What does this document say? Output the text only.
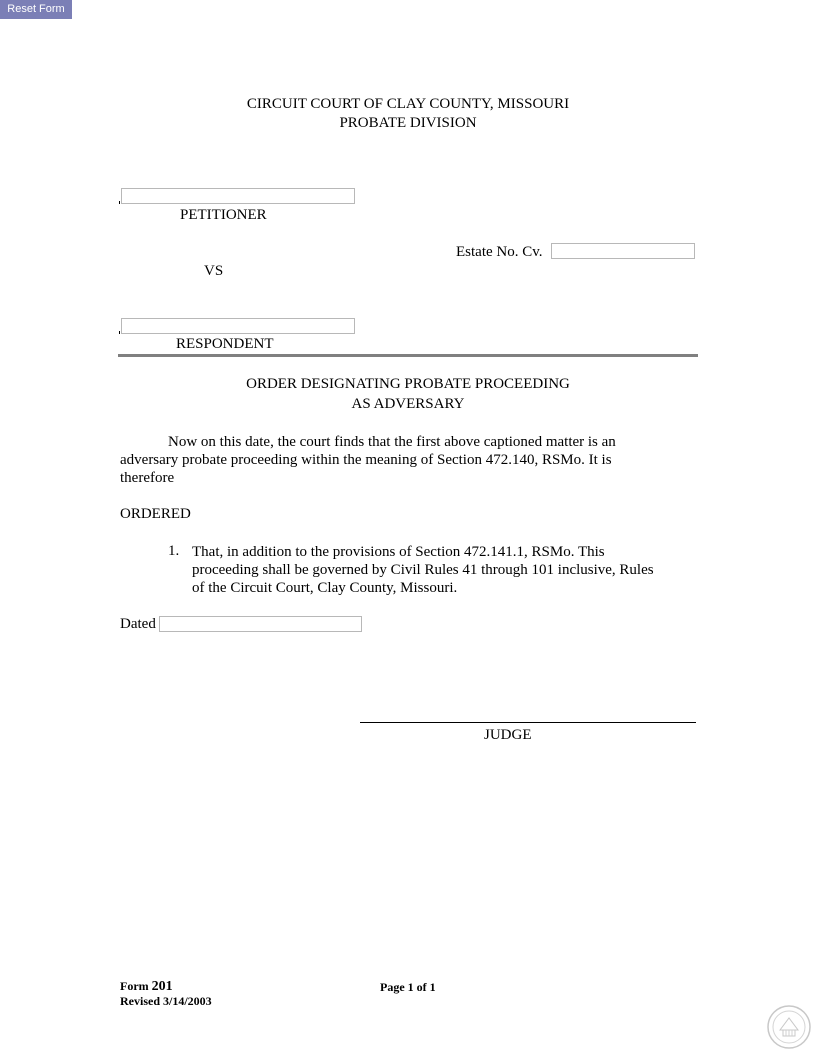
Reset Form
CIRCUIT COURT OF CLAY COUNTY, MISSOURI
PROBATE DIVISION
PETITIONER
Estate No. Cv.
VS
RESPONDENT
ORDER DESIGNATING PROBATE PROCEEDING
AS ADVERSARY
Now on this date, the court finds that the first above captioned matter is an
adversary probate proceeding within the meaning of Section 472.140, RSMo. It is
therefore
ORDERED
1. That, in addition to the provisions of Section 472.141.1, RSMo. This
proceeding shall be governed by Civil Rules 41 through 101 inclusive, Rules
of the Circuit Court, Clay County, Missouri.
Dated
JUDGE
Form 201
Revised 3/14/2003
Page 1 of 1
